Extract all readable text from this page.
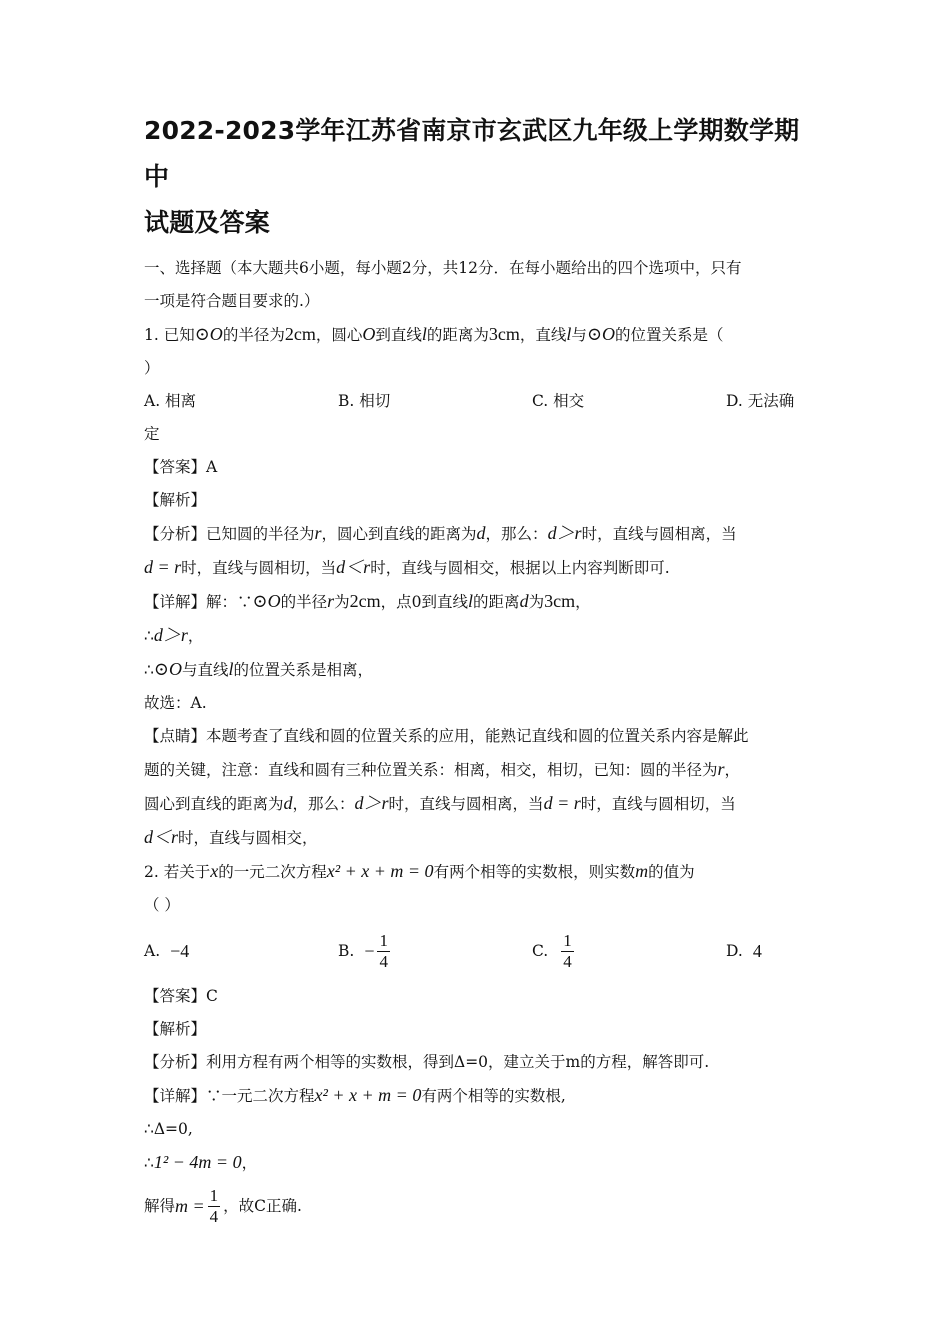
2022-2023学年江苏省南京市玄武区九年级上学期数学期中
试题及答案
一、选择题（本大题共6小题，每小题2分，共12分．在每小题给出的四个选项中，只有
一项是符合题目要求的.）
1. 已知⊙O的半径为2cm，圆心O到直线l的距离为3cm，直线l与⊙O的位置关系是（
）
A. 相离	B. 相切	C. 相交	D. 无法确
定
【答案】A
【解析】
【分析】已知圆的半径为r，圆心到直线的距离为d，那么：d＞r时，直线与圆相离，当
d = r时，直线与圆相切，当d＜r时，直线与圆相交，根据以上内容判断即可.
【详解】解：∵⊙O的半径r为2cm，点0到直线l的距离d为3cm，
∴d＞r，
∴⊙O与直线l的位置关系是相离，
故选：A.
【点睛】本题考查了直线和圆的位置关系的应用，能熟记直线和圆的位置关系内容是解此
题的关键，注意：直线和圆有三种位置关系：相离，相交，相切，已知：圆的半径为r，
圆心到直线的距离为d，那么：d＞r时，直线与圆相离，当d = r时，直线与圆相切，当
d＜r时，直线与圆相交，
2. 若关于x的一元二次方程x² + x + m = 0有两个相等的实数根，则实数m的值为
（ ）
A. −4	B. − $\frac{1}{4}$	C. $\frac{1}{4}$	D. 4
【答案】C
【解析】
【分析】利用方程有两个相等的实数根，得到Δ=0，建立关于m的方程，解答即可.
【详解】∵一元二次方程x² + x + m = 0有两个相等的实数根,
∴Δ=0,
∴1² − 4m = 0，
解得 $m = \frac{1}{4}$ ，故C正确.
